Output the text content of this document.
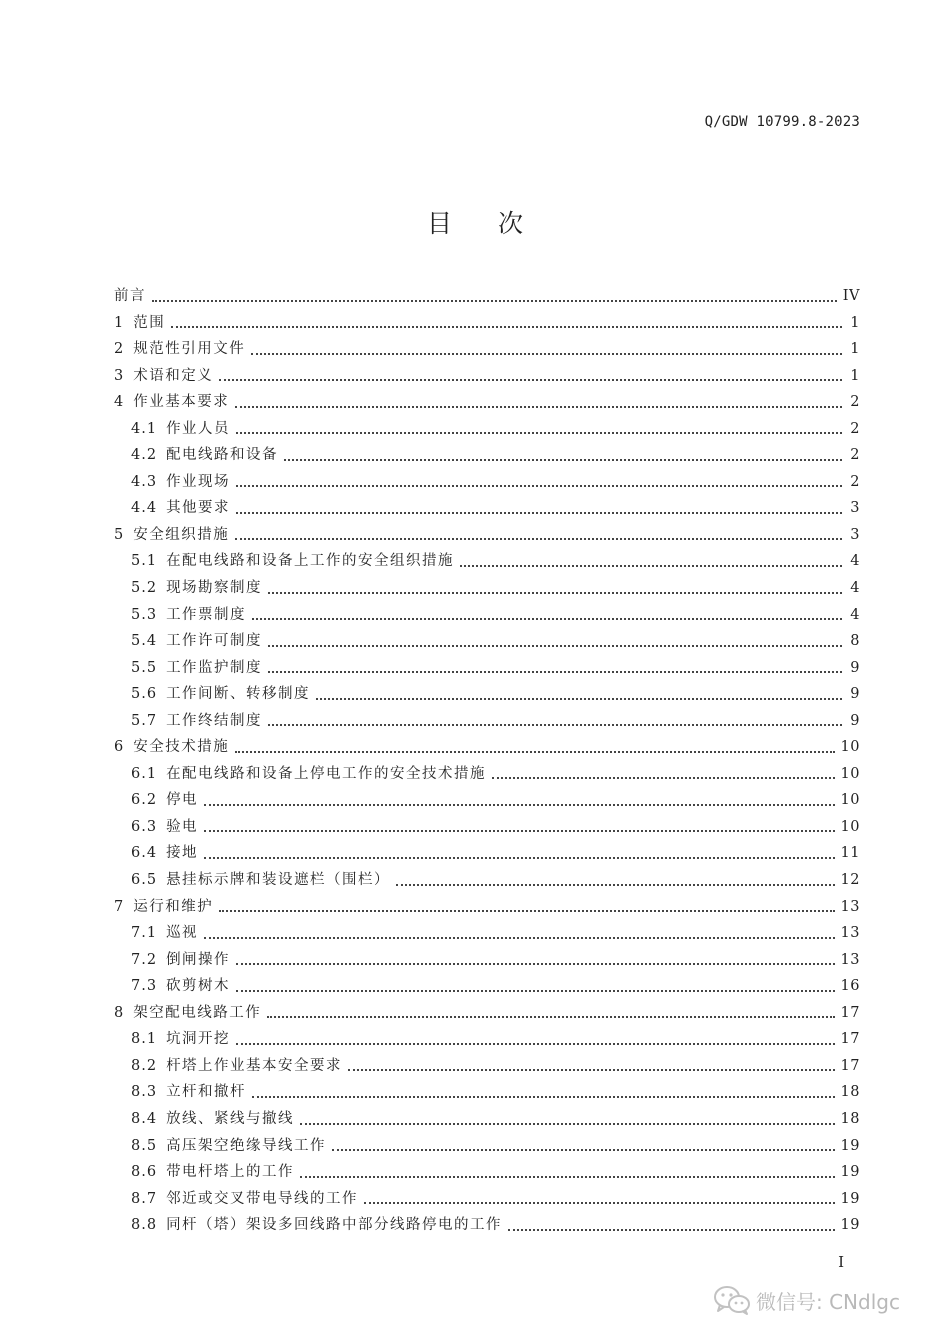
Q/GDW 10799.8-2023
目次
前言	IV
1 范围	1
2 规范性引用文件	1
3 术语和定义	1
4 作业基本要求	2
4.1 作业人员	2
4.2 配电线路和设备	2
4.3 作业现场	2
4.4 其他要求	3
5 安全组织措施	3
5.1 在配电线路和设备上工作的安全组织措施	4
5.2 现场勘察制度	4
5.3 工作票制度	4
5.4 工作许可制度	8
5.5 工作监护制度	9
5.6 工作间断、转移制度	9
5.7 工作终结制度	9
6 安全技术措施	10
6.1 在配电线路和设备上停电工作的安全技术措施	10
6.2 停电	10
6.3 验电	10
6.4 接地	11
6.5 悬挂标示牌和装设遮栏（围栏）	12
7 运行和维护	13
7.1 巡视	13
7.2 倒闸操作	13
7.3 砍剪树木	16
8 架空配电线路工作	17
8.1 坑洞开挖	17
8.2 杆塔上作业基本安全要求	17
8.3 立杆和撤杆	18
8.4 放线、紧线与撤线	18
8.5 高压架空绝缘导线工作	19
8.6 带电杆塔上的工作	19
8.7 邻近或交叉带电导线的工作	19
8.8 同杆（塔）架设多回线路中部分线路停电的工作	19
I
微信号: CNdlgc
